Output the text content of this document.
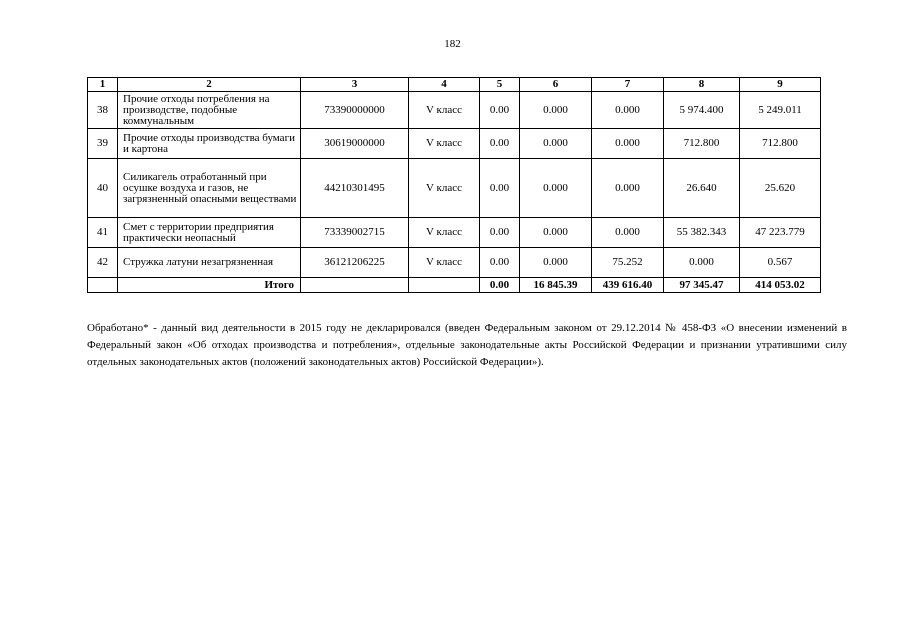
182
1	2	3	4	5	6	7	8	9
38	Прочие отходы потребления на производстве, подобные коммунальным	73390000000	V класс	0.00	0.000	0.000	5 974.400	5 249.011
39	Прочие отходы производства бумаги и картона	30619000000	V класс	0.00	0.000	0.000	712.800	712.800
40	Силикагель отработанный при осушке воздуха и газов, не загрязненный опасными веществами	44210301495	V класс	0.00	0.000	0.000	26.640	25.620
41	Смет с территории предприятия практически неопасный	73339002715	V класс	0.00	0.000	0.000	55 382.343	47 223.779
42	Стружка латуни незагрязненная	36121206225	V класс	0.00	0.000	75.252	0.000	0.567
	Итого			0.00	16 845.39	439 616.40	97 345.47	414 053.02
Обработано* - данный вид деятельности в 2015 году не декларировался (введен Федеральным законом от 29.12.2014 № 458-ФЗ «О внесении изменений в Федеральный закон «Об отходах производства и потребления», отдельные законодательные акты Российской Федерации и признании утратившими силу отдельных законодательных актов (положений законодательных актов) Российской Федерации»).
